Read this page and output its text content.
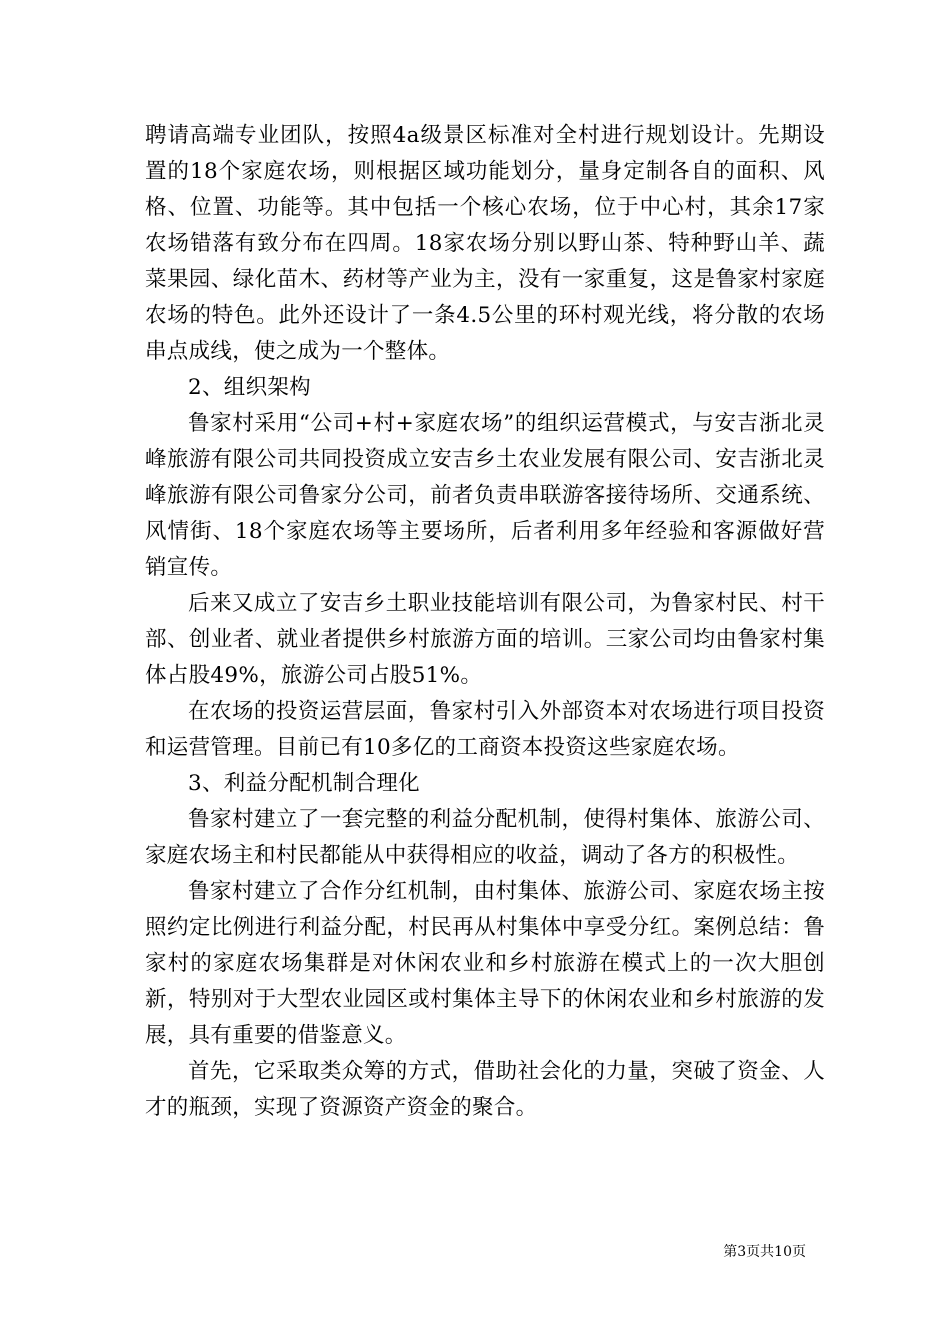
聘请高端专业团队，按照4a级景区标准对全村进行规划设计。先期设置的18个家庭农场，则根据区域功能划分，量身定制各自的面积、风格、位置、功能等。其中包括一个核心农场，位于中心村，其余17家农场错落有致分布在四周。18家农场分别以野山茶、特种野山羊、蔬菜果园、绿化苗木、药材等产业为主，没有一家重复，这是鲁家村家庭农场的特色。此外还设计了一条4.5公里的环村观光线，将分散的农场串点成线，使之成为一个整体。

2、组织架构

鲁家村采用“公司+村+家庭农场”的组织运营模式，与安吉浙北灵峰旅游有限公司共同投资成立安吉乡土农业发展有限公司、安吉浙北灵峰旅游有限公司鲁家分公司，前者负责串联游客接待场所、交通系统、风情街、18个家庭农场等主要场所，后者利用多年经验和客源做好营销宣传。

后来又成立了安吉乡土职业技能培训有限公司，为鲁家村民、村干部、创业者、就业者提供乡村旅游方面的培训。三家公司均由鲁家村集体占股49%，旅游公司占股51%。

在农场的投资运营层面，鲁家村引入外部资本对农场进行项目投资和运营管理。目前已有10多亿的工商资本投资这些家庭农场。

3、利益分配机制合理化

鲁家村建立了一套完整的利益分配机制，使得村集体、旅游公司、家庭农场主和村民都能从中获得相应的收益，调动了各方的积极性。

鲁家村建立了合作分红机制，由村集体、旅游公司、家庭农场主按照约定比例进行利益分配，村民再从村集体中享受分红。案例总结：鲁家村的家庭农场集群是对休闲农业和乡村旅游在模式上的一次大胆创新，特别对于大型农业园区或村集体主导下的休闲农业和乡村旅游的发展，具有重要的借鉴意义。

首先，它采取类众筹的方式，借助社会化的力量，突破了资金、人才的瓶颈，实现了资源资产资金的聚合。

第3页共10页
